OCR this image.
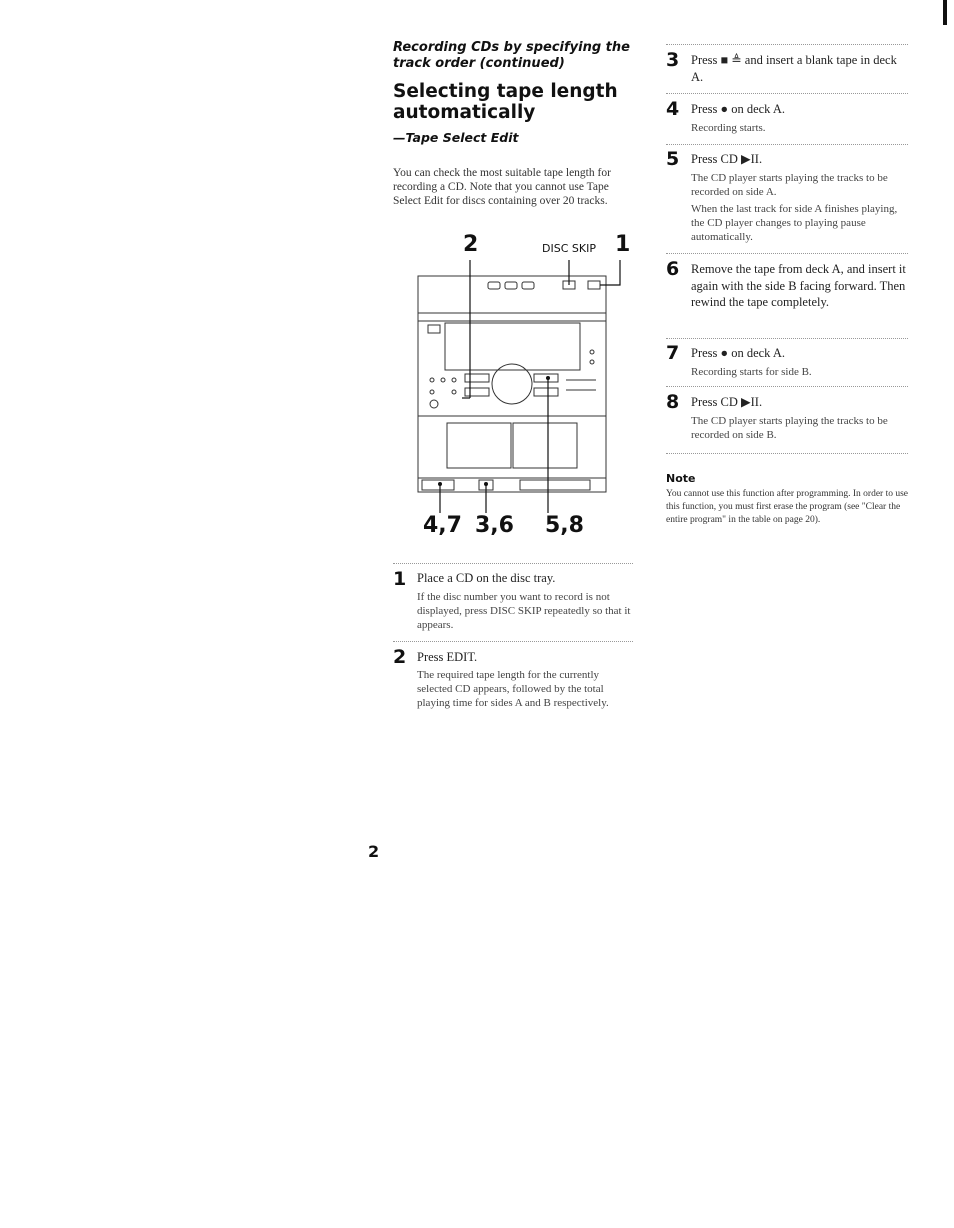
Recording CDs by specifying the track order (continued)
Selecting tape length automatically
—Tape Select Edit
You can check the most suitable tape length for recording a CD. Note that you cannot use Tape Select Edit for discs containing over 20 tracks.
2	DISC SKIP 1
4,7 3,6 5,8
1 Place a CD on the disc tray.
If the disc number you want to record is not displayed, press DISC SKIP repeatedly so that it appears.
2 Press EDIT.
The required tape length for the currently selected CD appears, followed by the total playing time for sides A and B respectively.
3 Press ■ ≜ and insert a blank tape in deck A.
4 Press ● on deck A.
Recording starts.
5 Press CD ▶II.
The CD player starts playing the tracks to be recorded on side A.
When the last track for side A finishes playing, the CD player changes to playing pause automatically.
6 Remove the tape from deck A, and insert it again with the side B facing forward. Then rewind the tape completely.
7 Press ● on deck A.
Recording starts for side B.
8 Press CD ▶II.
The CD player starts playing the tracks to be recorded on side B.
Note
You cannot use this function after programming. In order to use this function, you must first erase the program (see "Clear the entire program" in the table on page 20).
2
